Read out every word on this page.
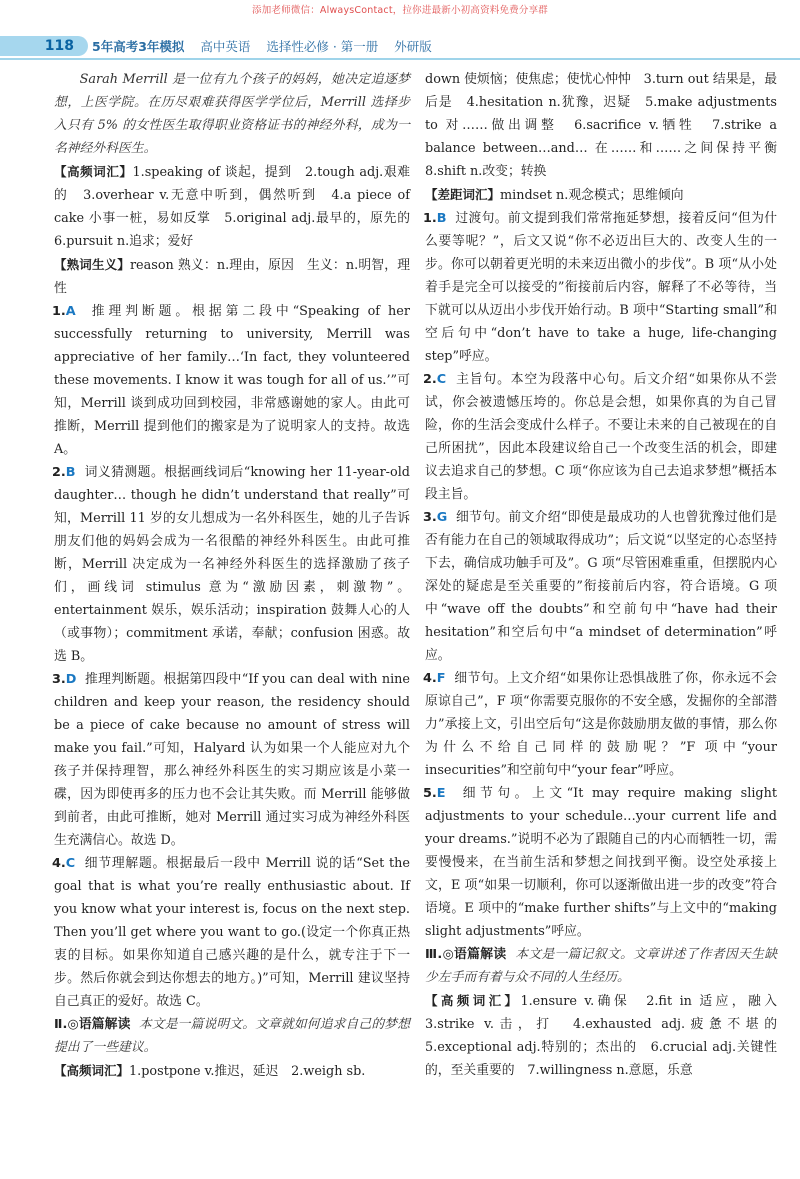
添加老师微信：AlwaysContact，拉你进最新小初高资料免费分享群
118	5年高考3年模拟 高中英语 选择性必修 · 第一册 外研版

Sarah Merrill 是一位有九个孩子的妈妈，她决定追逐梦想，上医学院。在历尽艰难获得医学学位后，Merrill 选择步入只有 5% 的女性医生取得职业资格证书的神经外科，成为一名神经外科医生。

【高频词汇】1.speaking of 谈起，提到　2.tough adj.艰难的　3.overhear v.无意中听到，偶然听到　4.a piece of cake 小事一桩，易如反掌　5.original adj.最早的，原先的　6.pursuit n.追求；爱好

【熟词生义】reason 熟义：n.理由，原因　生义：n.明智，理性

1.A 推理判断题。根据第二段中“Speaking of her successfully returning to university, Merrill was appreciative of her family…‘In fact, they volunteered these movements. I know it was tough for all of us.’”可知，Merrill 谈到成功回到校园，非常感谢她的家人。由此可推断，Merrill 提到他们的搬家是为了说明家人的支持。故选 A。

2.B 词义猜测题。根据画线词后“knowing her 11-year-old daughter… though he didn’t understand that really”可知，Merrill 11 岁的女儿想成为一名外科医生，她的儿子告诉朋友们他的妈妈会成为一名很酷的神经外科医生。由此可推断，Merrill 决定成为一名神经外科医生的选择激励了孩子们，画线词 stimulus 意为“激励因素，刺激物”。entertainment 娱乐，娱乐活动；inspiration 鼓舞人心的人（或事物）；commitment 承诺，奉献；confusion 困惑。故选 B。

3.D 推理判断题。根据第四段中“If you can deal with nine children and keep your reason, the residency should be a piece of cake because no amount of stress will make you fail.”可知，Halyard 认为如果一个人能应对九个孩子并保持理智，那么神经外科医生的实习期应该是小菜一碟，因为即使再多的压力也不会让其失败。而 Merrill 能够做到前者，由此可推断，她对 Merrill 通过实习成为神经外科医生充满信心。故选 D。

4.C 细节理解题。根据最后一段中 Merrill 说的话“Set the goal that is what you’re really enthusiastic about. If you know what your interest is, focus on the next step. Then you’ll get where you want to go.(设定一个你真正热衷的目标。如果你知道自己感兴趣的是什么，就专注于下一步。然后你就会到达你想去的地方。)”可知，Merrill 建议坚持自己真正的爱好。故选 C。

Ⅱ.◎语篇解读 本文是一篇说明文。文章就如何追求自己的梦想提出了一些建议。

【高频词汇】1.postpone v.推迟，延迟　2.weigh sb.

down 使烦恼；使焦虑；使忧心忡忡　3.turn out 结果是，最后是　4.hesitation n.犹豫，迟疑　5.make adjustments to 对……做出调整　6.sacrifice v.牺牲　7.strike a balance between…and… 在……和……之间保持平衡　8.shift n.改变；转换

【差距词汇】mindset n.观念模式；思维倾向

1.B 过渡句。前文提到我们常常拖延梦想，接着反问“但为什么要等呢？”，后文又说“你不必迈出巨大的、改变人生的一步。你可以朝着更光明的未来迈出微小的步伐”。B 项“从小处着手是完全可以接受的”衔接前后内容，解释了不必等待，当下就可以从迈出小步伐开始行动。B 项中“Starting small”和空后句中“don’t have to take a huge, life-changing step”呼应。

2.C 主旨句。本空为段落中心句。后文介绍“如果你从不尝试，你会被遗憾压垮的。你总是会想，如果你真的为自己冒险，你的生活会变成什么样子。不要让未来的自己被现在的自己所困扰”，因此本段建议给自己一个改变生活的机会，即建议去追求自己的梦想。C 项“你应该为自己去追求梦想”概括本段主旨。

3.G 细节句。前文介绍“即使是最成功的人也曾犹豫过他们是否有能力在自己的领域取得成功”；后文说“以坚定的心态坚持下去，确信成功触手可及”。G 项“尽管困难重重，但摆脱内心深处的疑虑是至关重要的”衔接前后内容，符合语境。G 项中“wave off the doubts”和空前句中“have had their hesitation”和空后句中“a mindset of determination”呼应。

4.F 细节句。上文介绍“如果你让恐惧战胜了你，你永远不会原谅自己”，F 项“你需要克服你的不安全感，发掘你的全部潜力”承接上文，引出空后句“这是你鼓励朋友做的事情，那么你为什么不给自己同样的鼓励呢？”F 项中“your insecurities”和空前句中“your fear”呼应。

5.E 细节句。上文“It may require making slight adjustments to your schedule…your current life and your dreams.”说明不必为了跟随自己的内心而牺牲一切，需要慢慢来，在当前生活和梦想之间找到平衡。设空处承接上文，E 项“如果一切顺利，你可以逐渐做出进一步的改变”符合语境。E 项中的“make further shifts”与上文中的“making slight adjustments”呼应。

Ⅲ.◎语篇解读 本文是一篇记叙文。文章讲述了作者因天生缺少左手而有着与众不同的人生经历。

【高频词汇】1.ensure v.确保　2.fit in 适应，融入　3.strike v.击，打　4.exhausted adj.疲惫不堪的　5.exceptional adj.特别的；杰出的　6.crucial adj.关键性的，至关重要的　7.willingness n.意愿，乐意
